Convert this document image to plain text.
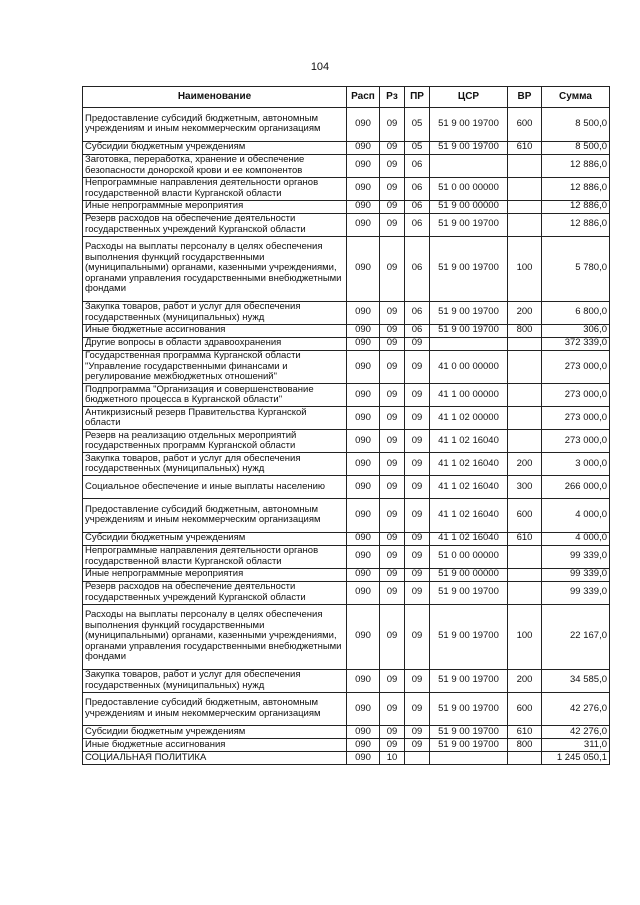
104
Наименование	Расп	Рз	ПР	ЦСР	ВР	Сумма
Предоставление субсидий бюджетным, автономным учреждениям и иным некоммерческим организациям	090	09	05	51 9 00 19700	600	8 500,0
Субсидии бюджетным учреждениям	090	09	05	51 9 00 19700	610	8 500,0
Заготовка, переработка, хранение и обеспечение безопасности донорской крови и ее компонентов	090	09	06			12 886,0
Непрограммные направления деятельности органов государственной власти Курганской области	090	09	06	51 0 00 00000		12 886,0
Иные непрограммные мероприятия	090	09	06	51 9 00 00000		12 886,0
Резерв расходов на обеспечение деятельности государственных учреждений Курганской области	090	09	06	51 9 00 19700		12 886,0
Расходы на выплаты персоналу в целях обеспечения выполнения функций государственными (муниципальными) органами, казенными учреждениями, органами управления государственными внебюджетными фондами	090	09	06	51 9 00 19700	100	5 780,0
Закупка товаров, работ и услуг для обеспечения государственных (муниципальных) нужд	090	09	06	51 9 00 19700	200	6 800,0
Иные бюджетные ассигнования	090	09	06	51 9 00 19700	800	306,0
Другие вопросы в области здравоохранения	090	09	09			372 339,0
Государственная программа Курганской области "Управление государственными финансами и регулирование межбюджетных отношений"	090	09	09	41 0 00 00000		273 000,0
Подпрограмма "Организация и совершенствование бюджетного процесса в Курганской области"	090	09	09	41 1 00 00000		273 000,0
Антикризисный резерв Правительства Курганской области	090	09	09	41 1 02 00000		273 000,0
Резерв на реализацию отдельных мероприятий государственных программ Курганской области	090	09	09	41 1 02 16040		273 000,0
Закупка товаров, работ и услуг для обеспечения государственных (муниципальных) нужд	090	09	09	41 1 02 16040	200	3 000,0
Социальное обеспечение и иные выплаты населению	090	09	09	41 1 02 16040	300	266 000,0
Предоставление субсидий бюджетным, автономным учреждениям и иным некоммерческим организациям	090	09	09	41 1 02 16040	600	4 000,0
Субсидии бюджетным учреждениям	090	09	09	41 1 02 16040	610	4 000,0
Непрограммные направления деятельности органов государственной власти Курганской области	090	09	09	51 0 00 00000		99 339,0
Иные непрограммные мероприятия	090	09	09	51 9 00 00000		99 339,0
Резерв расходов на обеспечение деятельности государственных учреждений Курганской области	090	09	09	51 9 00 19700		99 339,0
Расходы на выплаты персоналу в целях обеспечения выполнения функций государственными (муниципальными) органами, казенными учреждениями, органами управления государственными внебюджетными фондами	090	09	09	51 9 00 19700	100	22 167,0
Закупка товаров, работ и услуг для обеспечения государственных (муниципальных) нужд	090	09	09	51 9 00 19700	200	34 585,0
Предоставление субсидий бюджетным, автономным учреждениям и иным некоммерческим организациям	090	09	09	51 9 00 19700	600	42 276,0
Субсидии бюджетным учреждениям	090	09	09	51 9 00 19700	610	42 276,0
Иные бюджетные ассигнования	090	09	09	51 9 00 19700	800	311,0
СОЦИАЛЬНАЯ ПОЛИТИКА	090	10				1 245 050,1
